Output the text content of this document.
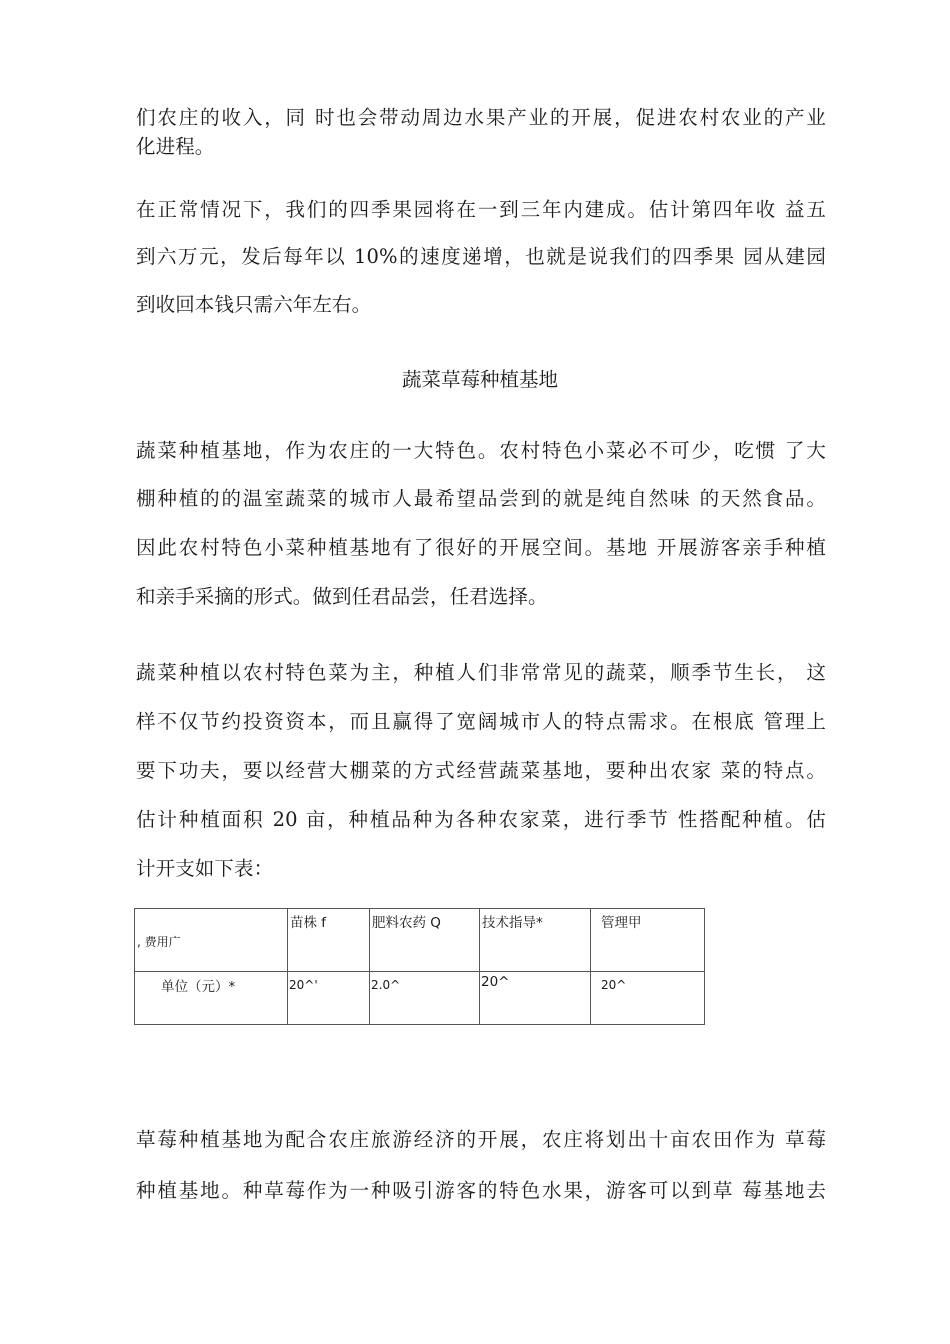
们农庄的收入，同 时也会带动周边水果产业的开展，促进农村农业的产业
化进程。
在正常情况下，我们的四季果园将在一到三年内建成。估计第四年收 益五
到六万元，发后每年以 10%的速度递增，也就是说我们的四季果 园从建园
到收回本钱只需六年左右。
蔬菜草莓种植基地
蔬菜种植基地，作为农庄的一大特色。农村特色小菜必不可少，吃惯 了大
棚种植的的温室蔬菜的城市人最希望品尝到的就是纯自然味 的天然食品。
因此农村特色小菜种植基地有了很好的开展空间。基地 开展游客亲手种植
和亲手采摘的形式。做到任君品尝，任君选择。
蔬菜种植以农村特色菜为主，种植人们非常常见的蔬菜，顺季节生长， 这
样不仅节约投资资本，而且赢得了宽阔城市人的特点需求。在根底 管理上
要下功夫，要以经营大棚菜的方式经营蔬菜基地，要种出农家 菜的特点。
估计种植面积 20 亩，种植品种为各种农家菜，进行季节 性搭配种植。估
计开支如下表：
, 费用广	苗株 f	肥料农药 Q	技术指导*	管理甲

单位（元）*	20^'	2.0^	20^	20^
草莓种植基地为配合农庄旅游经济的开展，农庄将划出十亩农田作为 草莓
种植基地。种草莓作为一种吸引游客的特色水果，游客可以到草 莓基地去
